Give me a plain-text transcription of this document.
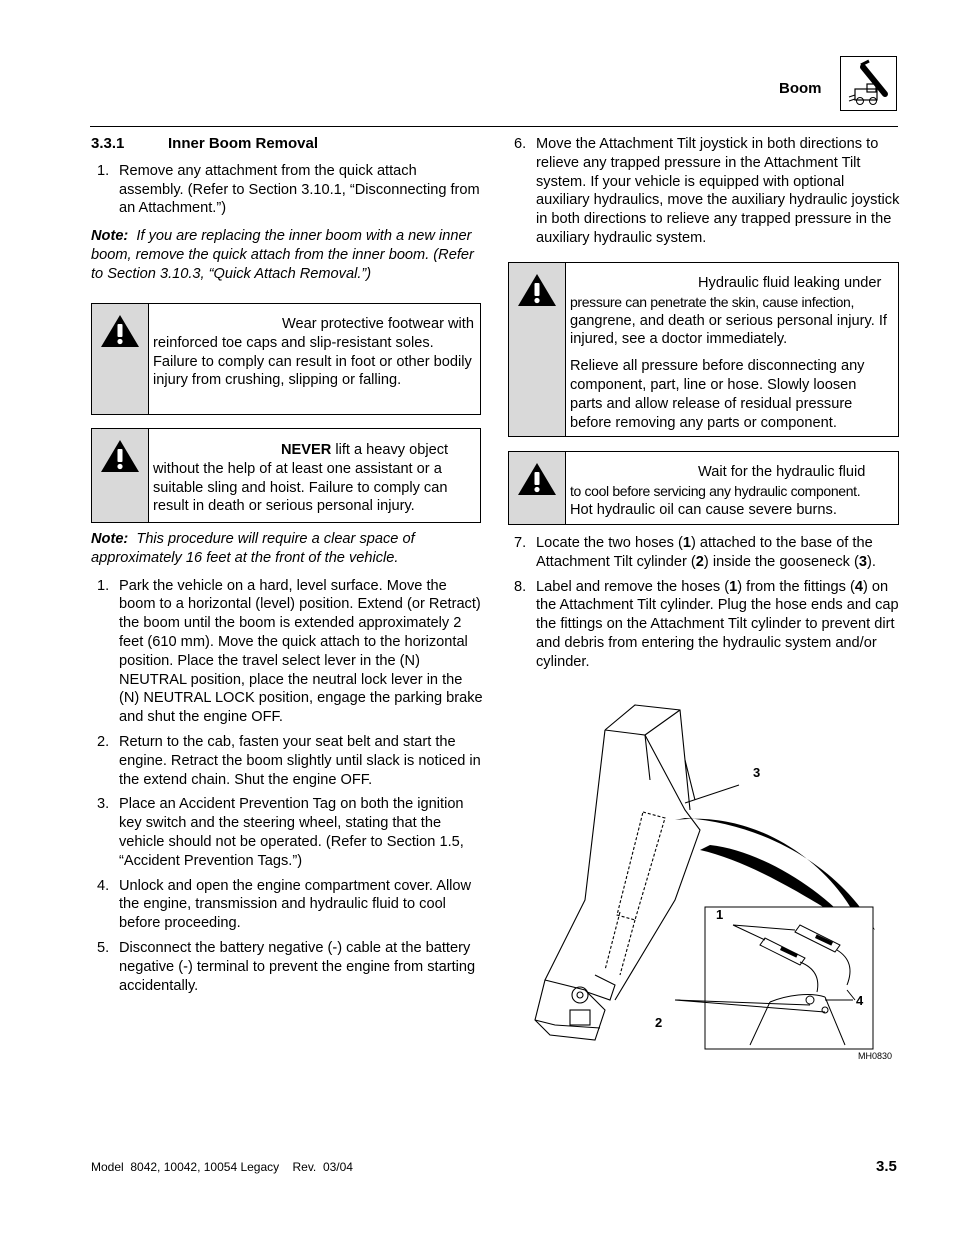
Boom

3.3.1	Inner Boom Removal

1. Remove any attachment from the quick attach assembly. (Refer to Section 3.10.1, “Disconnecting from an Attachment.”)

Note: If you are replacing the inner boom with a new inner boom, remove the quick attach from the inner boom. (Refer to Section 3.10.3, “Quick Attach Removal.”)

Wear protective footwear with reinforced toe caps and slip-resistant soles. Failure to comply can result in foot or other bodily injury from crushing, slipping or falling.

NEVER lift a heavy object without the help of at least one assistant or a suitable sling and hoist. Failure to comply can result in death or serious personal injury.

Note: This procedure will require a clear space of approximately 16 feet at the front of the vehicle.

1. Park the vehicle on a hard, level surface. Move the boom to a horizontal (level) position. Extend (or Retract) the boom until the boom is extended approximately 2 feet (610 mm). Move the quick attach to the horizontal position. Place the travel select lever in the (N) NEUTRAL position, place the neutral lock lever in the (N) NEUTRAL LOCK position, engage the parking brake and shut the engine OFF.
2. Return to the cab, fasten your seat belt and start the engine. Retract the boom slightly until slack is noticed in the extend chain. Shut the engine OFF.
3. Place an Accident Prevention Tag on both the ignition key switch and the steering wheel, stating that the vehicle should not be operated. (Refer to Section 1.5, “Accident Prevention Tags.”)
4. Unlock and open the engine compartment cover. Allow the engine, transmission and hydraulic fluid to cool before proceeding.
5. Disconnect the battery negative (-) cable at the battery negative (-) terminal to prevent the engine from starting accidentally.
6. Move the Attachment Tilt joystick in both directions to relieve any trapped pressure in the Attachment Tilt system. If your vehicle is equipped with optional auxiliary hydraulics, move the auxiliary hydraulic joystick in both directions to relieve any trapped pressure in the auxiliary hydraulic system.

Hydraulic fluid leaking under
pressure can penetrate the skin, cause infection,
gangrene, and death or serious personal injury. If injured, see a doctor immediately.

Relieve all pressure before disconnecting any component, part, line or hose. Slowly loosen parts and allow release of residual pressure before removing any parts or component.

Wait for the hydraulic fluid
to cool before servicing any hydraulic component.
Hot hydraulic oil can cause severe burns.

7. Locate the two hoses (1) attached to the base of the Attachment Tilt cylinder (2) inside the gooseneck (3).
8. Label and remove the hoses (1) from the fittings (4) on the Attachment Tilt cylinder. Plug the hose ends and cap the fittings on the Attachment Tilt cylinder to prevent dirt and debris from entering the hydraulic system and/or cylinder.
3
1
4
2
MH0830
Model  8042, 10042, 10054 Legacy    Rev.  03/04	3.5
